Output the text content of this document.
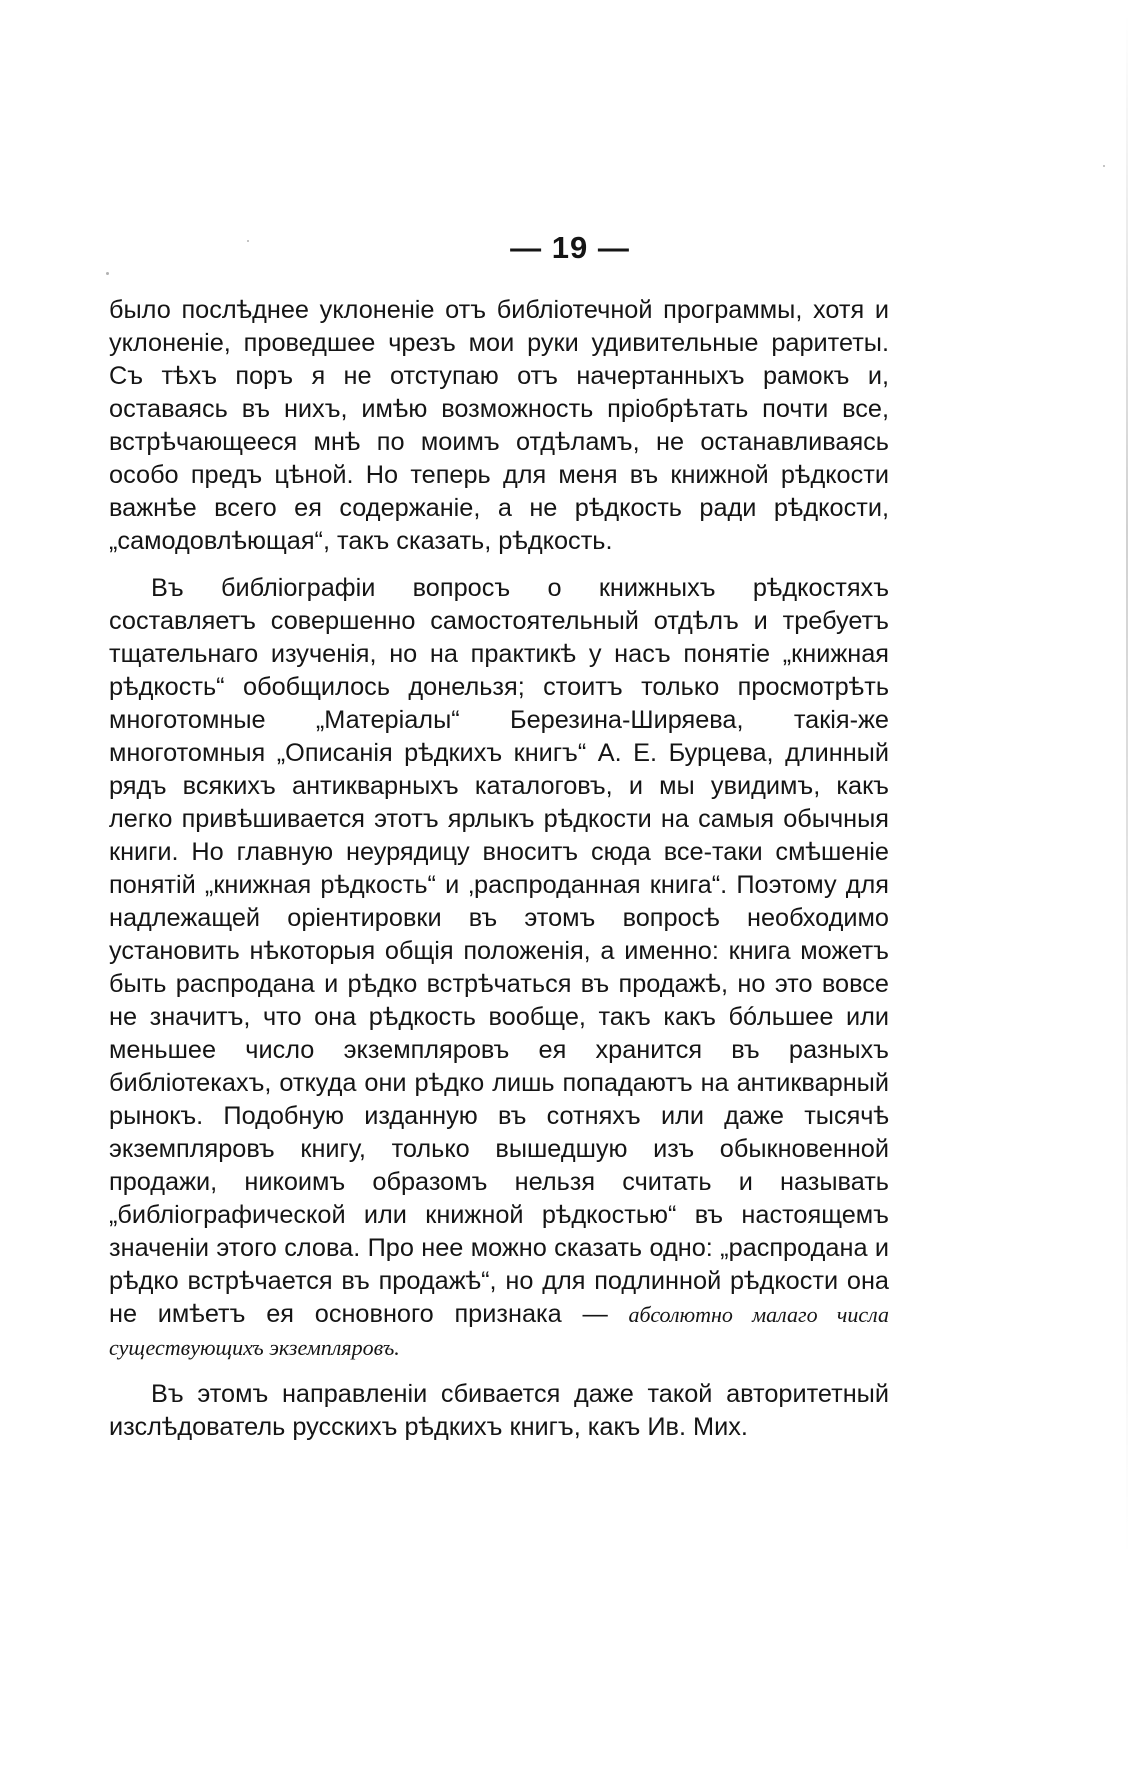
— 19 —

было послѣднее уклоненіе отъ библіотечной программы, хотя и уклоненіе, проведшее чрезъ мои руки удивительные раритеты. Съ тѣхъ поръ я не отступаю отъ начертанныхъ рамокъ и, оставаясь въ нихъ, имѣю возможность пріобрѣтать почти все, встрѣчающееся мнѣ по моимъ отдѣламъ, не останавливаясь особо предъ цѣной. Но теперь для меня въ книжной рѣдкости важнѣе всего ея содержаніе, а не рѣдкость ради рѣдкости, „самодовлѣющая“, такъ сказать, рѣдкость.

Въ библіографіи вопросъ о книжныхъ рѣдкостяхъ составляетъ совершенно самостоятельный отдѣлъ и требуетъ тщательнаго изученія, но на практикѣ у насъ понятіе „книжная рѣдкость“ обобщилось донельзя; стоитъ только просмотрѣть многотомные „Матеріалы“ Березина-Ширяева, такія-же многотомныя „Описанія рѣдкихъ книгъ“ А. Е. Бурцева, длинный рядъ всякихъ антикварныхъ каталоговъ, и мы увидимъ, какъ легко привѣшивается этотъ ярлыкъ рѣдкости на самыя обычныя книги. Но главную неурядицу вноситъ сюда все-таки смѣшеніе понятій „книжная рѣдкость“ и ‚распроданная книга“. Поэтому для надлежащей оріентировки въ этомъ вопросѣ необходимо установить нѣкоторыя общія положенія, а именно: книга можетъ быть распродана и рѣдко встрѣчаться въ продажѣ, но это вовсе не значитъ, что она рѣдкость вообще, такъ какъ бóльшее или меньшее число экземпляровъ ея хранится въ разныхъ библіотекахъ, откуда они рѣдко лишь попадаютъ на антикварный рынокъ. Подобную изданную въ сотняхъ или даже тысячѣ экземпляровъ книгу, только вышедшую изъ обыкновенной продажи, никоимъ образомъ нельзя считать и называть „библіографической или книжной рѣдкостью“ въ настоящемъ значеніи этого слова. Про нее можно сказать одно: „распродана и рѣдко встрѣчается въ продажѣ“, но для подлинной рѣдкости она не имѣетъ ея основного признака — абсолютно малаго числа существующихъ экземпляровъ.

Въ этомъ направленіи сбивается даже такой авторитетный изслѣдователь русскихъ рѣдкихъ книгъ, какъ Ив. Мих.
